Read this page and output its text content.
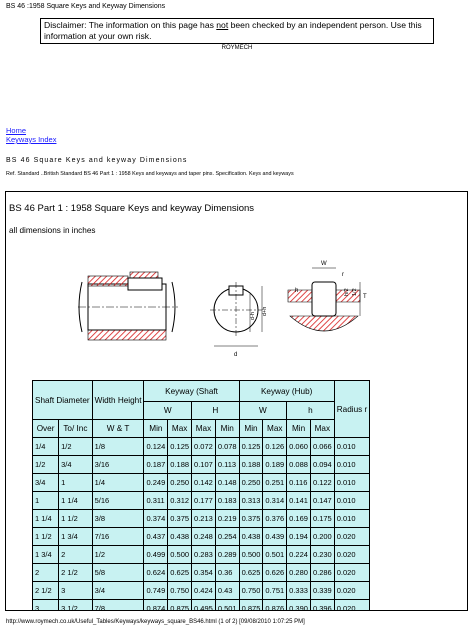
BS 46 :1958 Square Keys and Keyway Dimensions
Disclaimer: The information on this page has not been checked by an independent person. Use this information at your own risk.
ROYMECH
Home
Keyways Index
BS 46 Square Keys and keyway Dimensions
Ref. Standard ..British Standard BS 46 Part 1 : 1958 Keys and keyways and taper pins. Specification. Keys and keyways
BS 46 Part 1 : 1958 Square Keys and keyway Dimensions
all dimensions in inches
d
d+h
d-h
W
r
h	h/2 1/2
T
Shaft Diameter		Width Height	Keyway (Shaft				Keyway (Hub)				Radius r
			W		H		W		h		
Over	To/ Inc	W & T	Min	Max	Max	Min	Min	Max	Min	Max	
1/4	1/2	1/8	0.124	0.125	0.072	0.078	0.125	0.126	0.060	0.066	0.010
1/2	3/4	3/16	0.187	0.188	0.107	0.113	0.188	0.189	0.088	0.094	0.010
3/4	1	1/4	0.249	0.250	0.142	0.148	0.250	0.251	0.116	0.122	0.010
1	1 1/4	5/16	0.311	0.312	0.177	0.183	0.313	0.314	0.141	0.147	0.010
1 1/4	1 1/2	3/8	0.374	0.375	0.213	0.219	0.375	0.376	0.169	0.175	0.010
1 1/2	1 3/4	7/16	0.437	0.438	0.248	0.254	0.438	0.439	0.194	0.200	0.020
1 3/4	2	1/2	0.499	0.500	0.283	0.289	0.500	0.501	0.224	0.230	0.020
2	2 1/2	5/8	0.624	0.625	0.354	0.36	0.625	0.626	0.280	0.286	0.020
2 1/2	3	3/4	0.749	0.750	0.424	0.43	0.750	0.751	0.333	0.339	0.020
3	3 1/2	7/8	0.874	0.875	0.495	0.501	0.875	0.876	0.390	0.396	0.020

http://www.roymech.co.uk/Useful_Tables/Keyways/keyways_square_BS46.html (1 of 2) [09/08/2010 1:07:25 PM]
